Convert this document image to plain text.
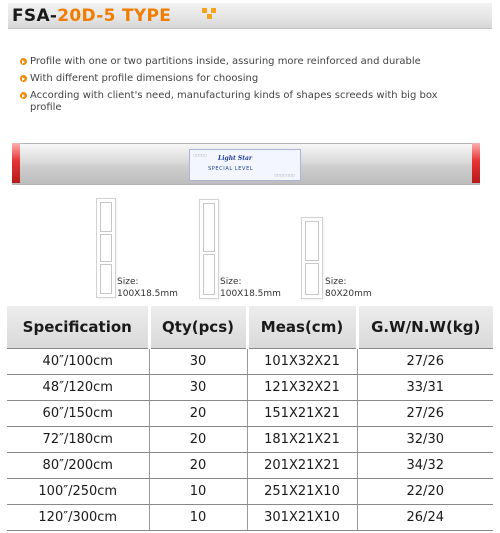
FSA-20D-5 TYPE
Profile with one or two partitions inside, assuring more reinforced and durable
With different profile dimensions for choosing
According with client's need, manufacturing kinds of shapes screeds with big box profile
□□□□□ Light Star
SPECIAL LEVEL
□□□□ □□□
Size:
100X18.5mm
Size:
100X18.5mm
Size:
80X20mm
Specification	Qty(pcs)	Meas(cm)	G.W/N.W(kg)
40″/100cm	30	101X32X21	27/26
48″/120cm	30	121X32X21	33/31
60″/150cm	20	151X21X21	27/26
72″/180cm	20	181X21X21	32/30
80″/200cm	20	201X21X21	34/32
100″/250cm	10	251X21X10	22/20
120″/300cm	10	301X21X10	26/24
